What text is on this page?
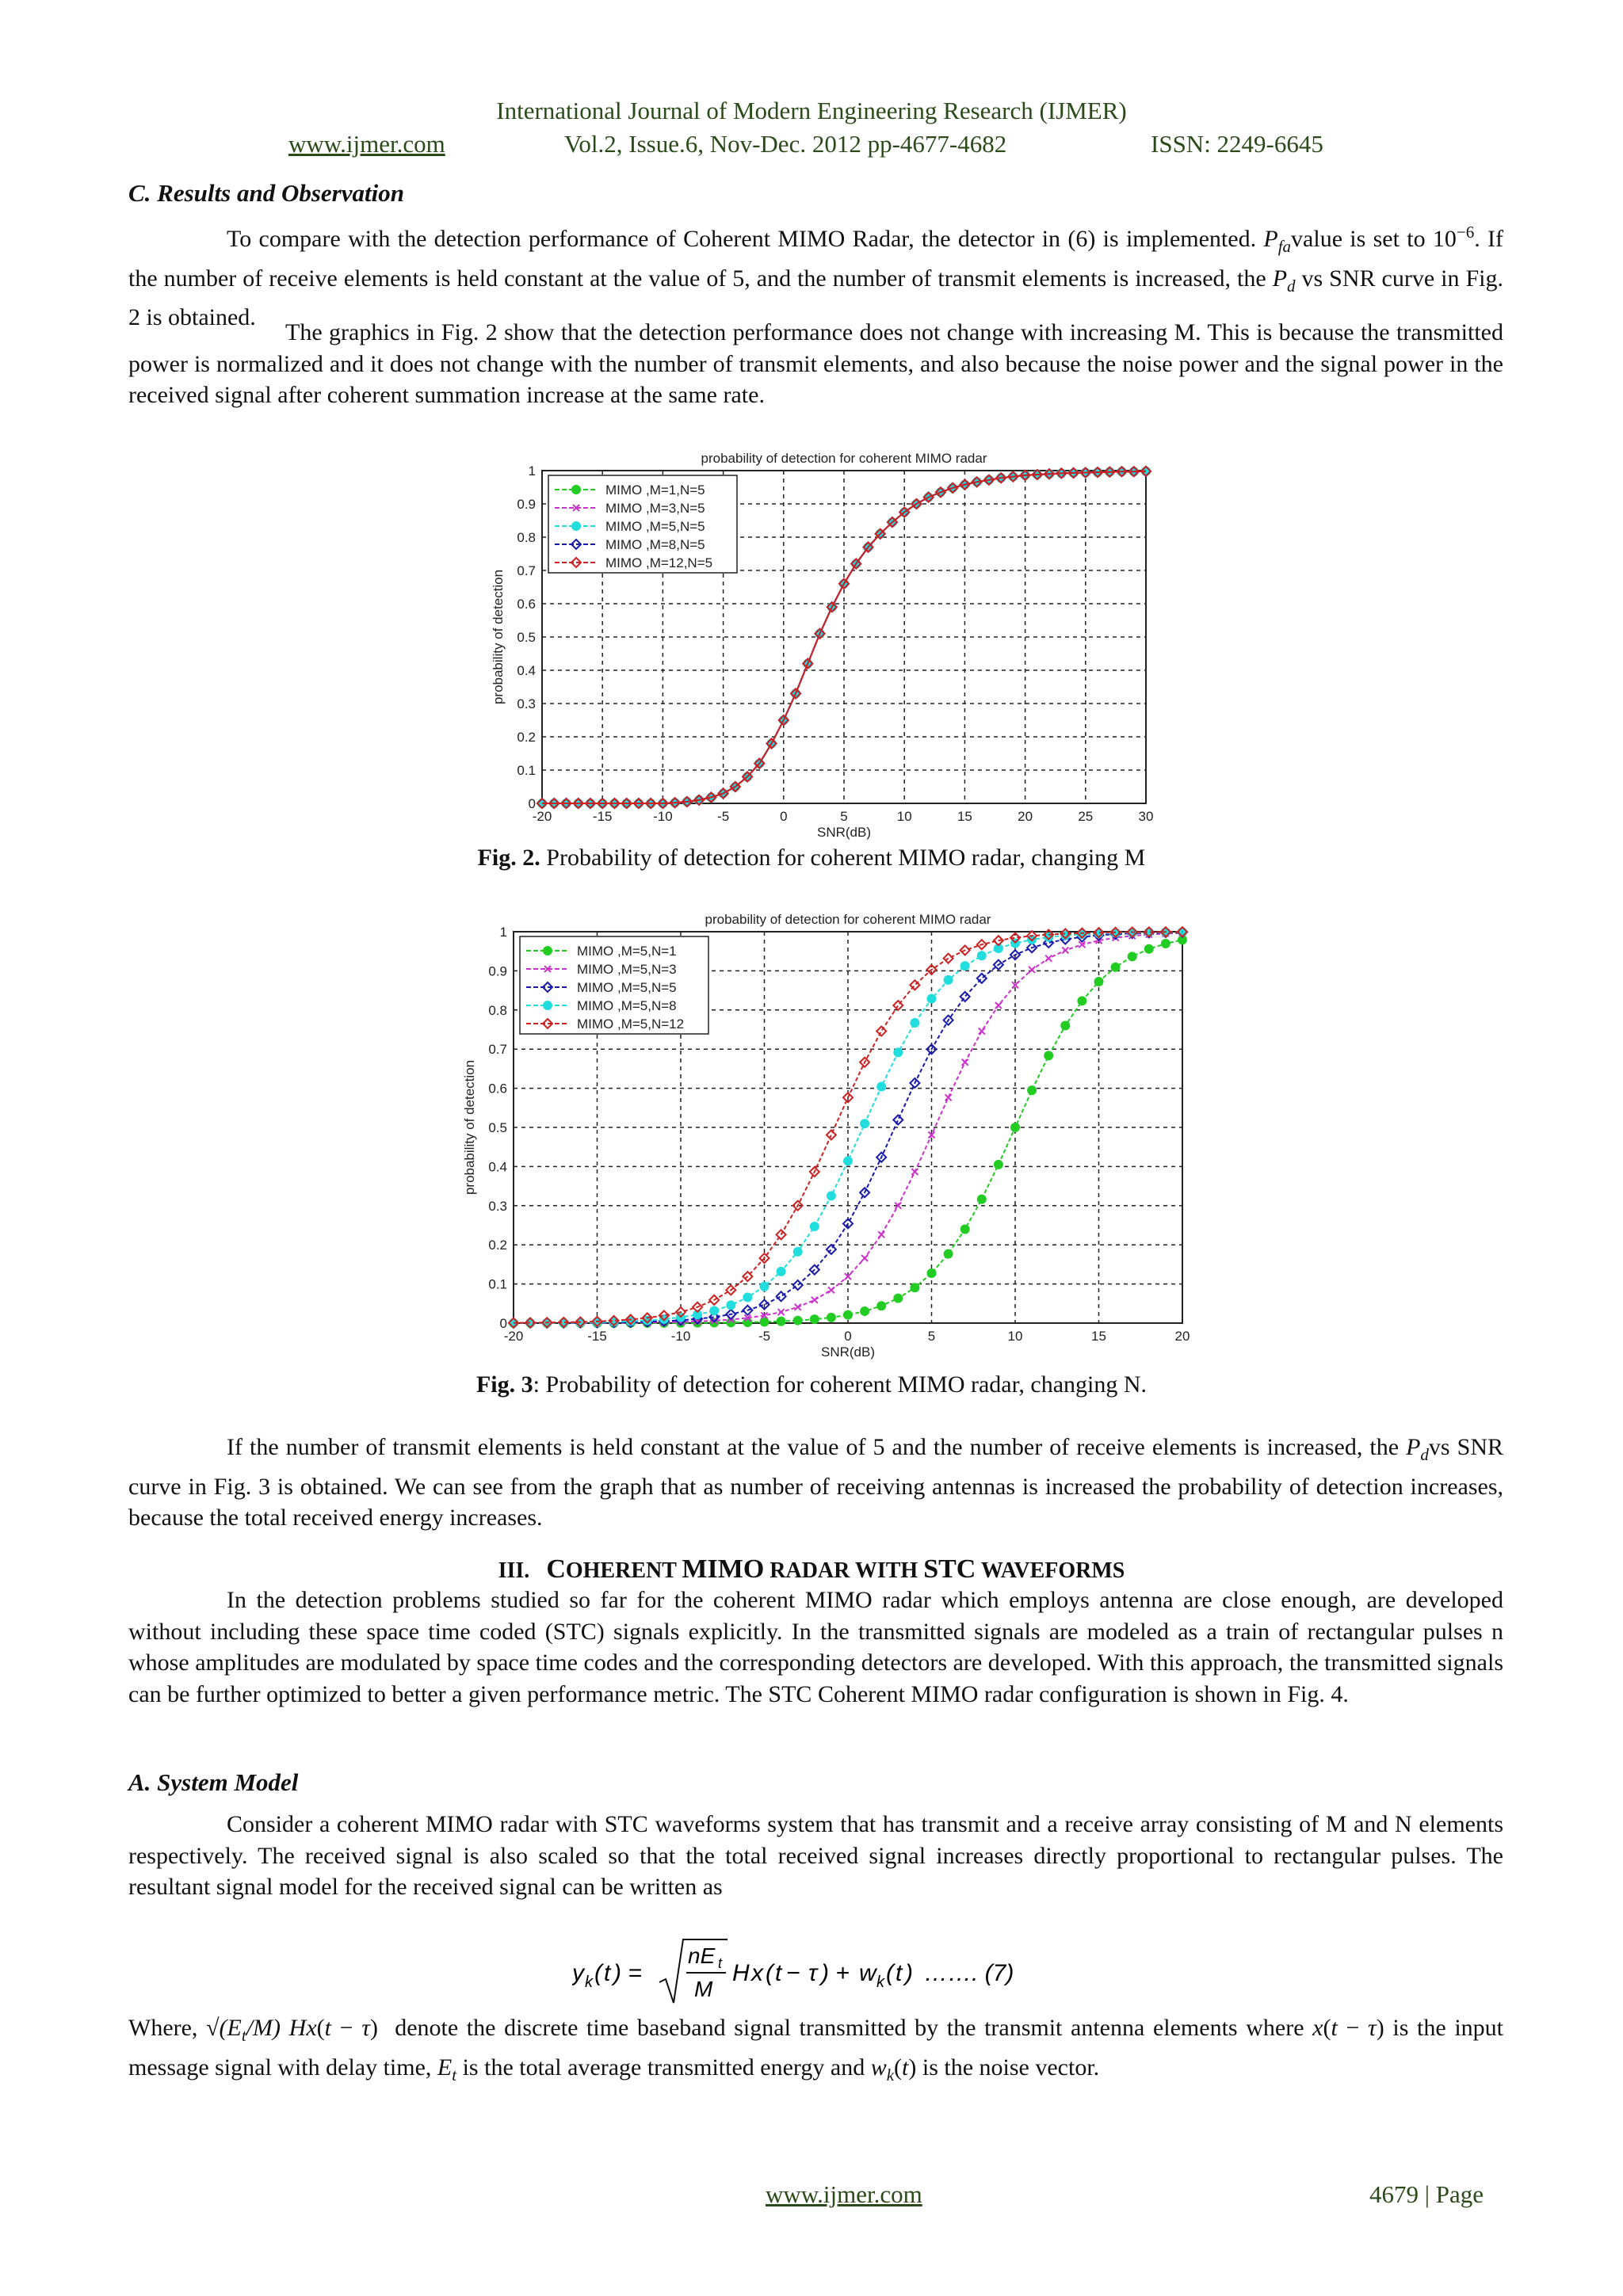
International Journal of Modern Engineering Research (IJMER)
www.ijmer.com	Vol.2, Issue.6, Nov-Dec. 2012 pp-4677-4682	ISSN: 2249-6645
C. Results and Observation
To compare with the detection performance of Coherent MIMO Radar, the detector in (6) is implemented. $P_{fa}value$ is set to $10^{-6}$. If the number of receive elements is held constant at the value of 5, and the number of transmit elements is increased, the $P_d$ vs SNR curve in Fig. 2 is obtained.
The graphics in Fig. 2 show that the detection performance does not change with increasing M. This is because the transmitted power is normalized and it does not change with the number of transmit elements, and also because the noise power and the signal power in the received signal after coherent summation increase at the same rate.
-20	-15	-10	-5	0	5	10	15	20	25	30
0
0.1
0.2
0.3
0.4
0.5
0.6
0.7
0.8
0.9
1
probability of detection for coherent MIMO radar
SNR(dB)
probability of detection
MIMO ,M=1,N=5
MIMO ,M=3,N=5
MIMO ,M=5,N=5
MIMO ,M=8,N=5
MIMO ,M=12,N=5
Fig. 2. Probability of detection for coherent MIMO radar, changing M
-20	-15	-10	-5	0	5	10	15	20
0
0.1
0.2
0.3
0.4
0.5
0.6
0.7
0.8
0.9
1
probability of detection for coherent MIMO radar
SNR(dB)
probability of detection
MIMO ,M=5,N=1
MIMO ,M=5,N=3
MIMO ,M=5,N=5
MIMO ,M=5,N=8
MIMO ,M=5,N=12
Fig. 3: Probability of detection for coherent MIMO radar, changing N.
If the number of transmit elements is held constant at the value of 5 and the number of receive elements is increased, the $P_dvs$ SNR curve in Fig. 3 is obtained. We can see from the graph that as number of receiving antennas is increased the probability of detection increases, because the total received energy increases.
III. COHERENT MIMO RADAR WITH STC WAVEFORMS
In the detection problems studied so far for the coherent MIMO radar which employs antenna are close enough, are developed without including these space time coded (STC) signals explicitly. In the transmitted signals are modeled as a train of rectangular pulses n whose amplitudes are modulated by space time codes and the corresponding detectors are developed. With this approach, the transmitted signals can be further optimized to better a given performance metric. The STC Coherent MIMO radar configuration is shown in Fig. 4.
A. System Model
Consider a coherent MIMO radar with STC waveforms system that has transmit and a receive array consisting of M and N elements respectively. The received signal is also scaled so that the total received signal increases directly proportional to rectangular pulses. The resultant signal model for the received signal can be written as
y k ( t ) =
nE t
M
H x ( t − τ ) + w k ( t ) ……. (7)
Where, $√(E_t/M) Hx(t - \tau)$  denote the discrete time baseband signal transmitted by the transmit antenna elements where x(t − τ) is the input message signal with delay time, $E_t$ is the total average transmitted energy and $w_k(t)$ is the noise vector.
www.ijmer.com	4679 | Page
